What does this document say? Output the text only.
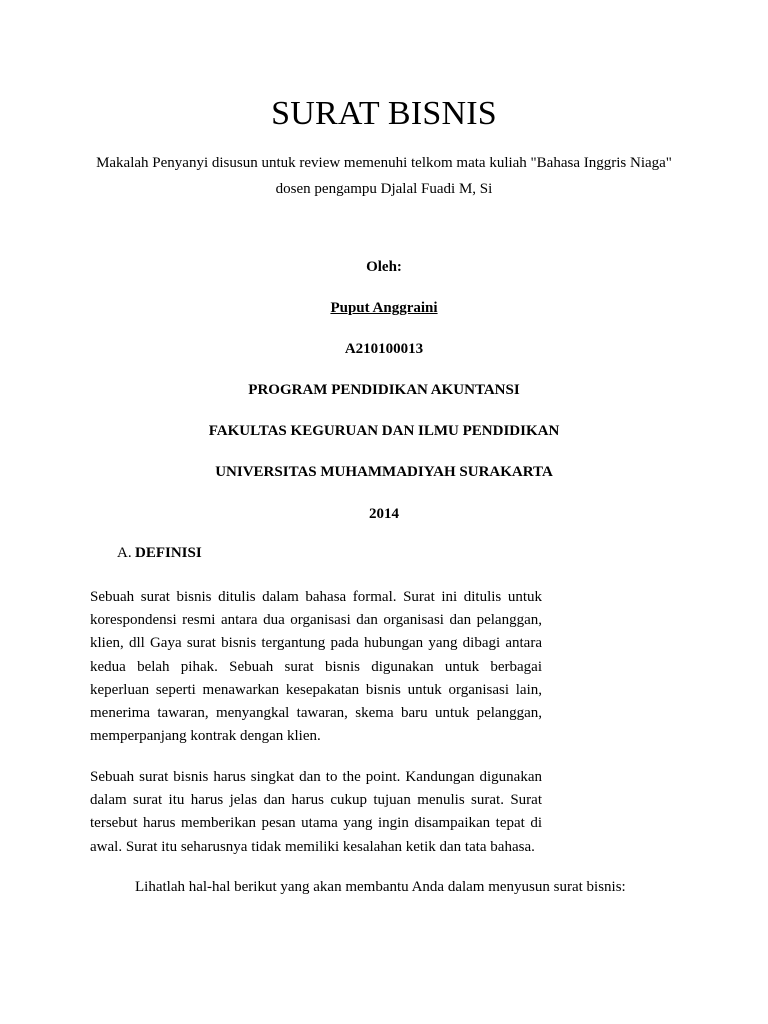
SURAT BISNIS
Makalah Penyanyi disusun untuk review memenuhi telkom mata kuliah "Bahasa Inggris Niaga"
dosen pengampu Djalal Fuadi M, Si
Oleh:
Puput Anggraini
A210100013
PROGRAM PENDIDIKAN AKUNTANSI
FAKULTAS KEGURUAN DAN ILMU PENDIDIKAN
UNIVERSITAS MUHAMMADIYAH SURAKARTA
2014
A. DEFINISI
Sebuah surat bisnis ditulis dalam bahasa formal. Surat ini ditulis untuk
korespondensi resmi antara dua organisasi dan organisasi dan pelanggan,
klien, dll Gaya surat bisnis tergantung pada hubungan yang dibagi antara
kedua belah pihak. Sebuah surat bisnis digunakan untuk berbagai
keperluan seperti menawarkan kesepakatan bisnis untuk organisasi lain,
menerima tawaran, menyangkal tawaran, skema baru untuk pelanggan,
memperpanjang kontrak dengan klien.
Sebuah surat bisnis harus singkat dan to the point. Kandungan digunakan
dalam surat itu harus jelas dan harus cukup tujuan menulis surat. Surat
tersebut harus memberikan pesan utama yang ingin disampaikan tepat di
awal. Surat itu seharusnya tidak memiliki kesalahan ketik dan tata bahasa.
Lihatlah hal-hal berikut yang akan membantu Anda dalam menyusun surat bisnis:
